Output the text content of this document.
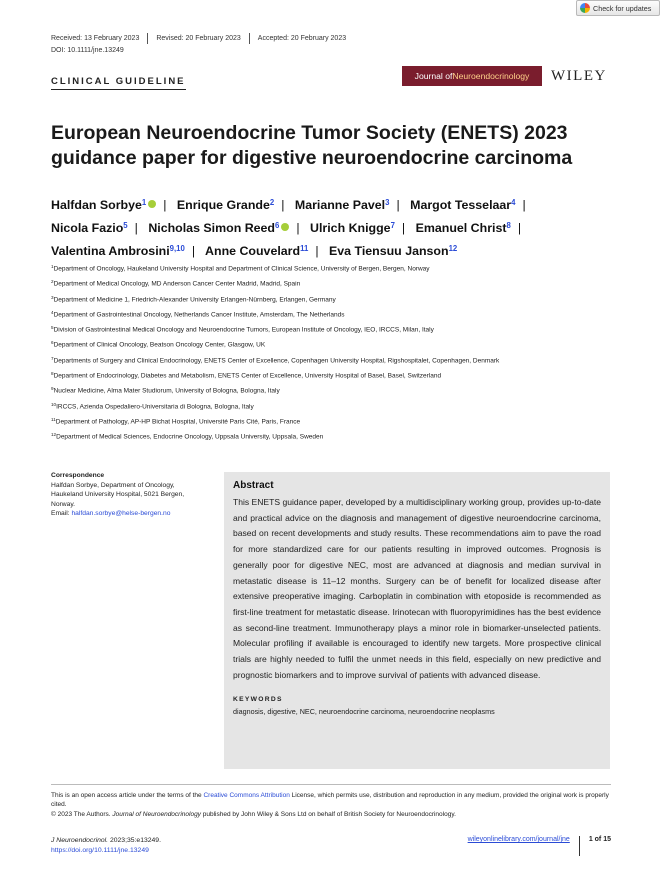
Check for updates
Received: 13 February 2023	Revised: 20 February 2023	Accepted: 20 February 2023
DOI: 10.1111/jne.13249
CLINICAL GUIDELINE	Journal of Neuroendocrinology WILEY
European Neuroendocrine Tumor Society (ENETS) 2023
guidance paper for digestive neuroendocrine carcinoma
Halfdan Sorbye$^1$ | Enrique Grande$^2$ | Marianne Pavel$^3$ | Margot Tesselaar$^4$ | Nicola Fazio$^5$ | Nicholas Simon Reed$^6$ | Ulrich Knigge$^7$ | Emanuel Christ$^8$ | Valentina Ambrosini$^{9,10}$ | Anne Couvelard$^{11}$ | Eva Tiensuu Janson$^{12}$
$^1$Department of Oncology, Haukeland University Hospital and Department of Clinical Science, University of Bergen, Bergen, Norway
$^2$Department of Medical Oncology, MD Anderson Cancer Center Madrid, Madrid, Spain
$^3$Department of Medicine 1, Friedrich-Alexander University Erlangen-Nürnberg, Erlangen, Germany
$^4$Department of Gastrointestinal Oncology, Netherlands Cancer Institute, Amsterdam, The Netherlands
$^5$Division of Gastrointestinal Medical Oncology and Neuroendocrine Tumors, European Institute of Oncology, IEO, IRCCS, Milan, Italy
$^6$Department of Clinical Oncology, Beatson Oncology Center, Glasgow, UK
$^7$Departments of Surgery and Clinical Endocrinology, ENETS Center of Excellence, Copenhagen University Hospital, Rigshospitalet, Copenhagen, Denmark
$^8$Department of Endocrinology, Diabetes and Metabolism, ENETS Center of Excellence, University Hospital of Basel, Basel, Switzerland
$^9$Nuclear Medicine, Alma Mater Studiorum, University of Bologna, Bologna, Italy
$^{10}$IRCCS, Azienda Ospedaliero-Universitaria di Bologna, Bologna, Italy
$^{11}$Department of Pathology, AP-HP Bichat Hospital, Université Paris Cité, Paris, France
$^{12}$Department of Medical Sciences, Endocrine Oncology, Uppsala University, Uppsala, Sweden
Correspondence
Halfdan Sorbye, Department of Oncology,
Haukeland University Hospital, 5021 Bergen,
Norway.
Email: halfdan.sorbye@helse-bergen.no
Abstract

This ENETS guidance paper, developed by a multidisciplinary working group, provides up-to-date and practical advice on the diagnosis and management of digestive neuroendocrine carcinoma, based on recent developments and study results. These recommendations aim to pave the road for more standardized care for our patients resulting in improved outcomes. Prognosis is generally poor for digestive NEC, most are advanced at diagnosis and median survival in metastatic disease is 11–12 months. Surgery can be of benefit for localized disease after extensive preoperative imaging. Carboplatin in combination with etoposide is recommended as first-line treatment for metastatic disease. Irinotecan with fluoropyrimidines has the best evidence as second-line treatment. Immunotherapy plays a minor role in biomarker-unselected patients. Molecular profiling if available is encouraged to identify new targets. More prospective clinical trials are highly needed to fulfil the unmet needs in this field, especially on new predictive and prognostic biomarkers and to improve survival of patients with advanced disease.

KEYWORDS
diagnosis, digestive, NEC, neuroendocrine carcinoma, neuroendocrine neoplasms
This is an open access article under the terms of the Creative Commons Attribution License, which permits use, distribution and reproduction in any medium, provided the original work is properly cited.
© 2023 The Authors. Journal of Neuroendocrinology published by John Wiley & Sons Ltd on behalf of British Society for Neuroendocrinology.
J Neuroendocrinol. 2023;35:e13249.
https://doi.org/10.1111/jne.13249
wileyonlinelibrary.com/journal/jne	1 of 15
